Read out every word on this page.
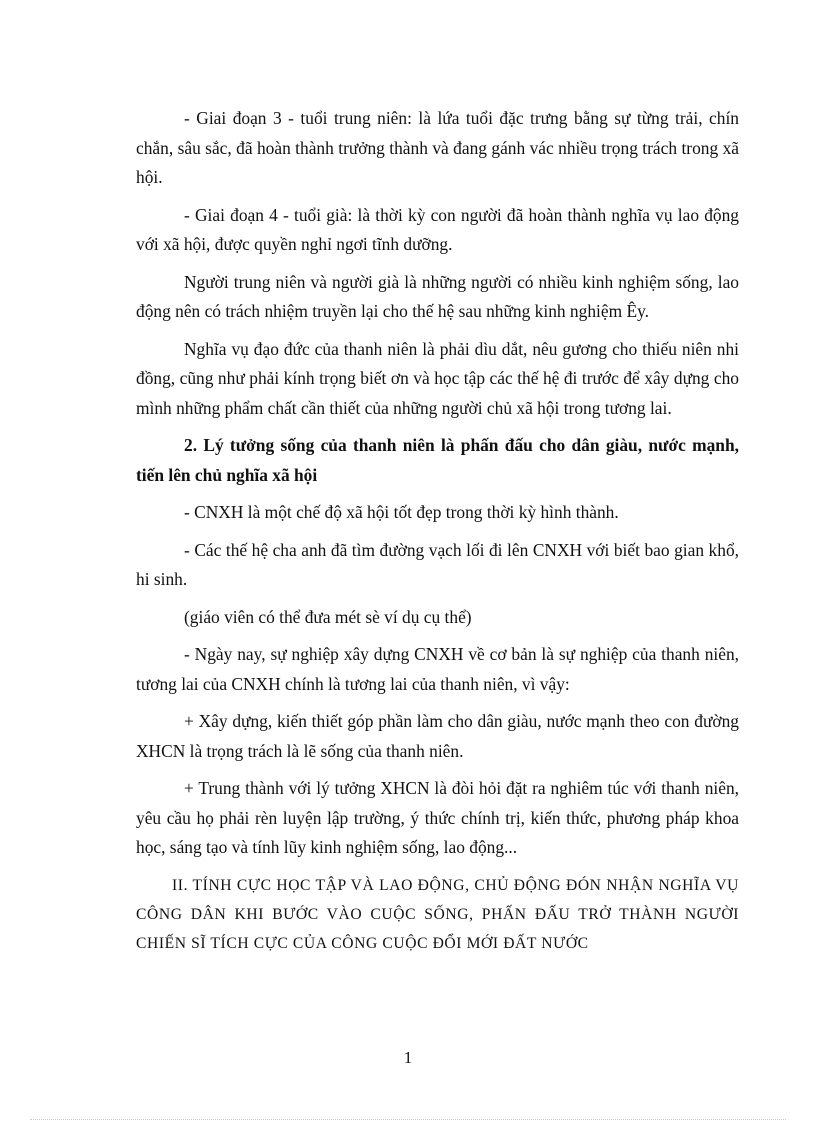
- Giai đoạn 3 - tuổi trung niên: là lứa tuổi đặc trưng bằng sự từng trải, chín chắn, sâu sắc, đã hoàn thành trưởng thành và đang gánh vác nhiều trọng trách trong xã hội.

- Giai đoạn 4 - tuổi già: là thời kỳ con người đã hoàn thành nghĩa vụ lao động với xã hội, được quyền nghỉ ngơi tĩnh dưỡng.

Người trung niên và người già là những người có nhiều kinh nghiệm sống, lao động nên có trách nhiệm truyền lại cho thế hệ sau những kinh nghiệm Êy.

Nghĩa vụ đạo đức của thanh niên là phải dìu dắt, nêu gương cho thiếu niên nhi đồng, cũng như phải kính trọng biết ơn và học tập các thế hệ đi trước để xây dựng cho mình những phẩm chất cần thiết của những người chủ xã hội trong tương lai.

2. Lý tưởng sống của thanh niên là phấn đấu cho dân giàu, nước mạnh, tiến lên chủ nghĩa xã hội

- CNXH là một chế độ xã hội tốt đẹp trong thời kỳ hình thành.

- Các thế hệ cha anh đã tìm đường vạch lối đi lên CNXH với biết bao gian khổ, hi sinh.

(giáo viên có thể đưa mét sè ví dụ cụ thể)

- Ngày nay, sự nghiệp xây dựng CNXH về cơ bản là sự nghiệp của thanh niên, tương lai của CNXH chính là tương lai của thanh niên, vì vậy:

+ Xây dựng, kiến thiết góp phần làm cho dân giàu, nước mạnh theo con đường XHCN là trọng trách là lẽ sống của thanh niên.

+ Trung thành với lý tưởng XHCN là đòi hỏi đặt ra nghiêm túc với thanh niên, yêu cầu họ phải rèn luyện lập trường, ý thức chính trị, kiến thức, phương pháp khoa học, sáng tạo và tính lũy kinh nghiệm sống, lao động...

II. TÍNH CỰC HỌC TẬP VÀ LAO ĐỘNG, CHỦ ĐỘNG ĐÓN NHẬN NGHĨA VỤ CÔNG DÂN KHI BƯỚC VÀO CUỘC SỐNG, PHẤN ĐẤU TRỞ THÀNH NGƯỜI CHIẾN SĨ TÍCH CỰC CỦA CÔNG CUỘC ĐỔI MỚI ĐẤT NƯỚC

1
